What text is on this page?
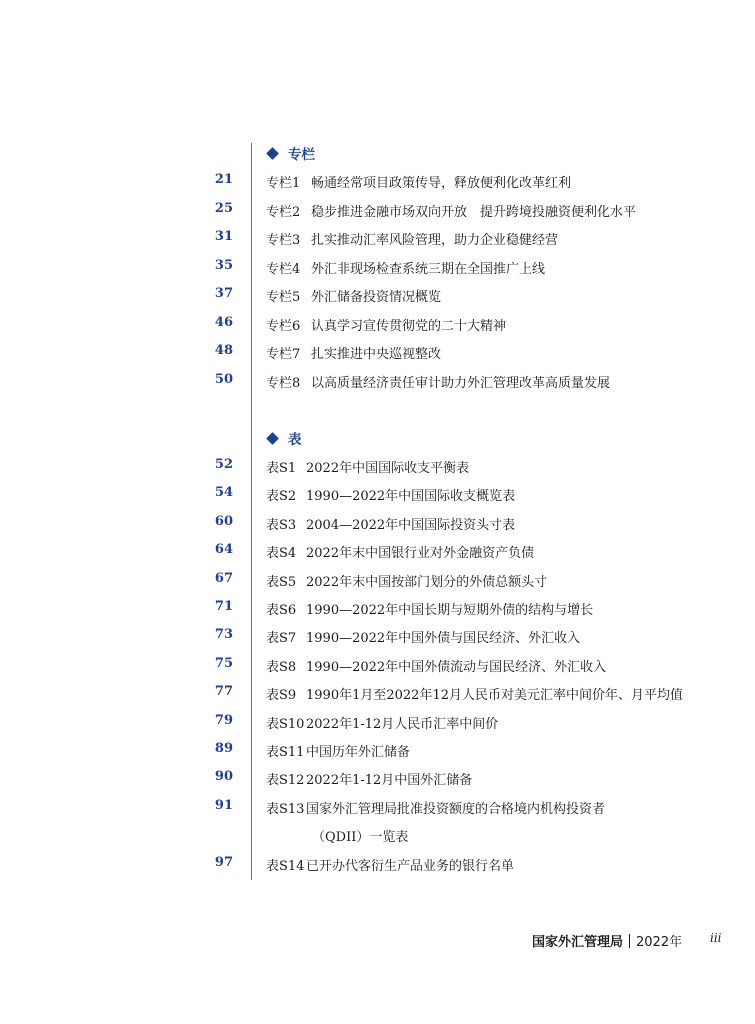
专栏
21	专栏1 畅通经常项目政策传导，释放便利化改革红利
25	专栏2 稳步推进金融市场双向开放　提升跨境投融资便利化水平
31	专栏3 扎实推动汇率风险管理，助力企业稳健经营
35	专栏4 外汇非现场检查系统三期在全国推广上线
37	专栏5 外汇储备投资情况概览
46	专栏6 认真学习宣传贯彻党的二十大精神
48	专栏7 扎实推进中央巡视整改
50	专栏8 以高质量经济责任审计助力外汇管理改革高质量发展
表
52	表S1 2022年中国国际收支平衡表
54	表S2 1990—2022年中国国际收支概览表
60	表S3 2004—2022年中国国际投资头寸表
64	表S4 2022年末中国银行业对外金融资产负债
67	表S5 2022年末中国按部门划分的外债总额头寸
71	表S6 1990—2022年中国长期与短期外债的结构与增长
73	表S7 1990—2022年中国外债与国民经济、外汇收入
75	表S8 1990—2022年中国外债流动与国民经济、外汇收入
77	表S9 1990年1月至2022年12月人民币对美元汇率中间价年、月平均值
79	表S10 2022年1-12月人民币汇率中间价
89	表S11 中国历年外汇储备
90	表S12 2022年1-12月中国外汇储备
91	表S13 国家外汇管理局批准投资额度的合格境内机构投资者
（QDII）一览表
97	表S14 已开办代客衍生产品业务的银行名单
国家外汇管理局 2022年 iii
